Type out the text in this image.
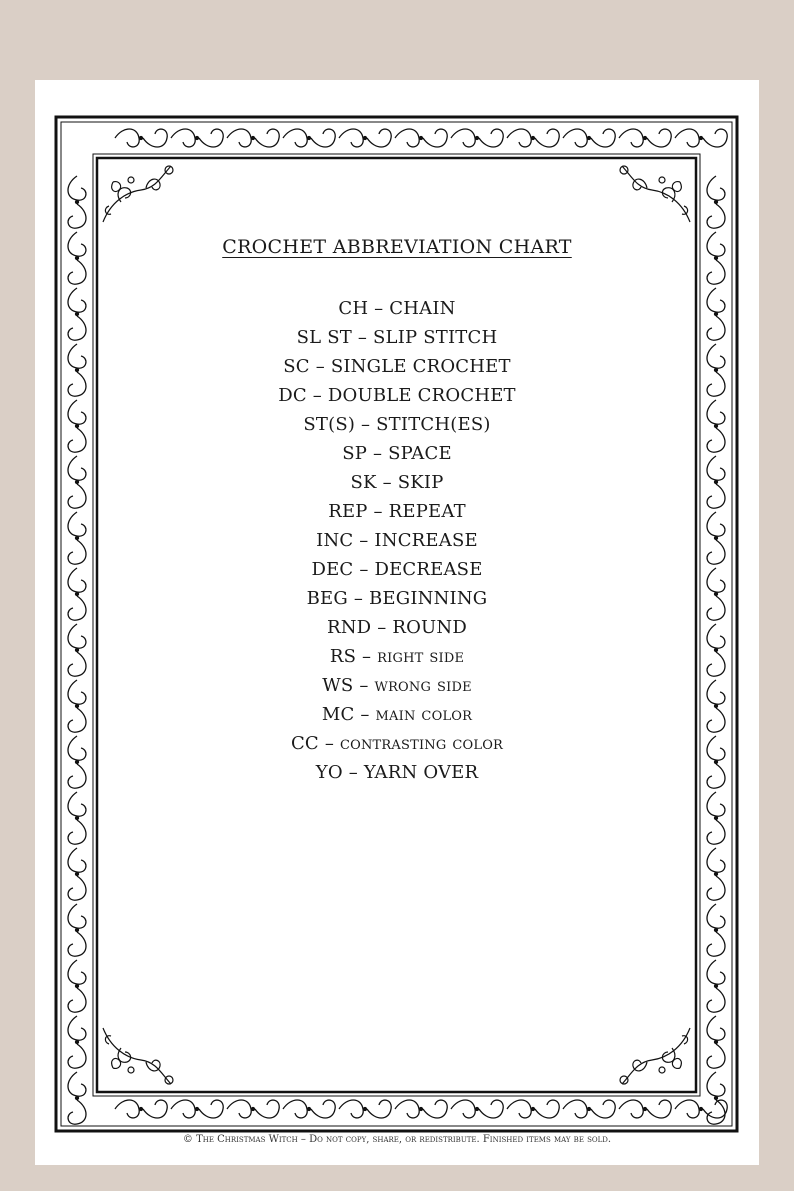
CROCHET ABBREVIATION CHART
CH – CHAIN
SL ST – SLIP STITCH
SC – SINGLE CROCHET
DC – DOUBLE CROCHET
ST(S) – STITCH(ES)
SP – SPACE
SK – SKIP
REP – REPEAT
INC – INCREASE
DEC – DECREASE
BEG – BEGINNING
RND – ROUND
RS – right side
WS – wrong side
MC – main color
CC – contrasting color
YO – YARN OVER
© The Christmas Witch – Do not copy, share, or redistribute. Finished items may be sold.
